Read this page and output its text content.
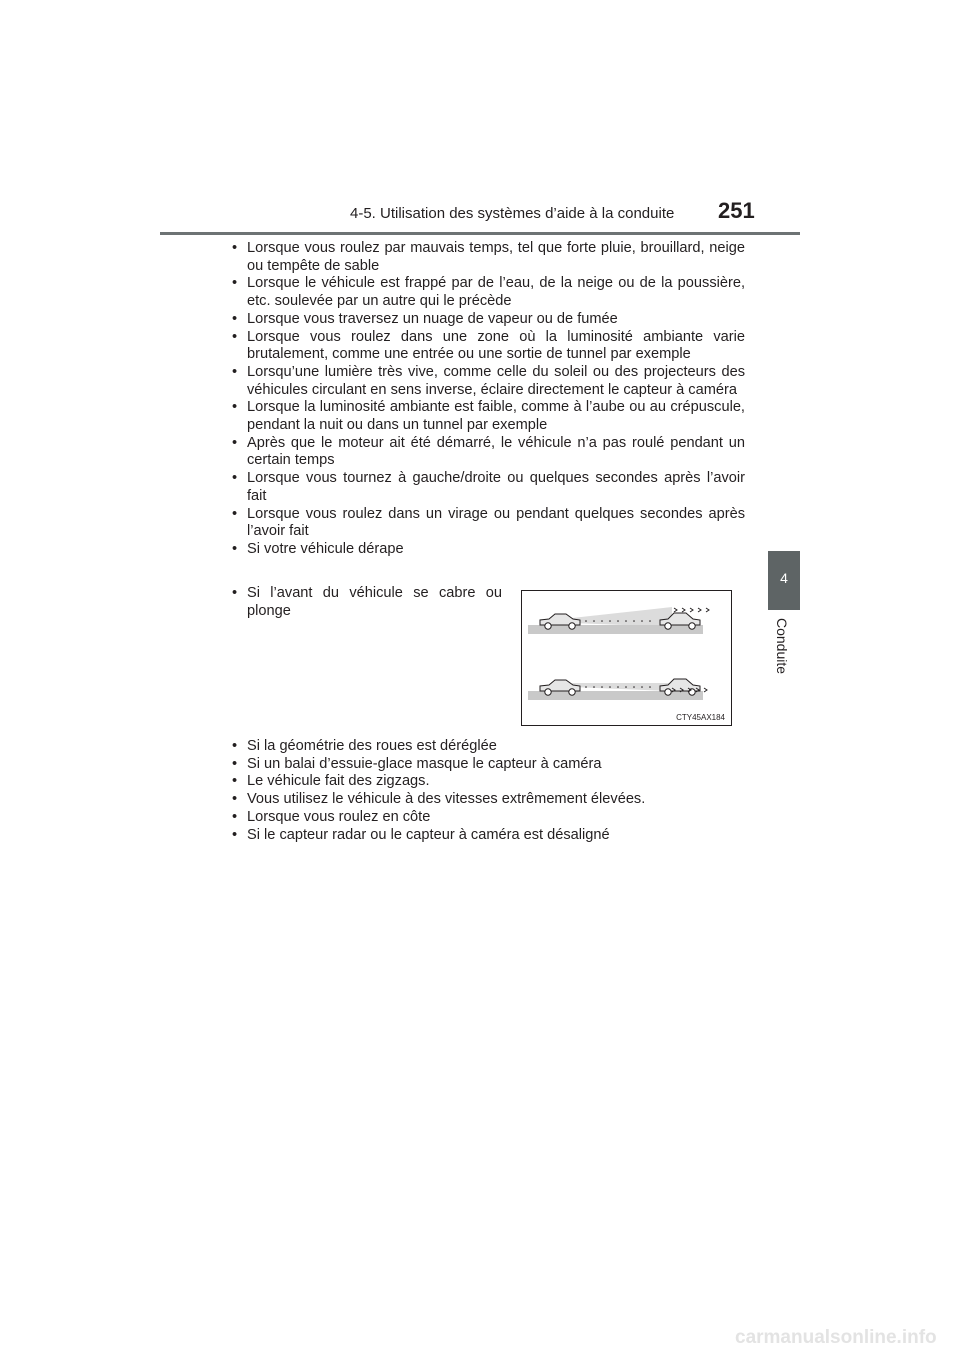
4-5. Utilisation des systèmes d’aide à la conduite 251
4
Conduite
• Lorsque vous roulez par mauvais temps, tel que forte pluie, brouillard, neige ou tempête de sable
• Lorsque le véhicule est frappé par de l’eau, de la neige ou de la poussière, etc. soulevée par un autre qui le précède
• Lorsque vous traversez un nuage de vapeur ou de fumée
• Lorsque vous roulez dans une zone où la luminosité ambiante varie brutalement, comme une entrée ou une sortie de tunnel par exemple
• Lorsqu’une lumière très vive, comme celle du soleil ou des projecteurs des véhicules circulant en sens inverse, éclaire directement le capteur à caméra
• Lorsque la luminosité ambiante est faible, comme à l’aube ou au crépuscule, pendant la nuit ou dans un tunnel par exemple
• Après que le moteur ait été démarré, le véhicule n’a pas roulé pendant un certain temps
• Lorsque vous tournez à gauche/droite ou quelques secondes après l’avoir fait
• Lorsque vous roulez dans un virage ou pendant quelques secondes après l’avoir fait
• Si votre véhicule dérape
• Si l’avant du véhicule se cabre ou plonge
CTY45AX184
• Si la géométrie des roues est déréglée
• Si un balai d’essuie-glace masque le capteur à caméra
• Le véhicule fait des zigzags.
• Vous utilisez le véhicule à des vitesses extrêmement élevées.
• Lorsque vous roulez en côte
• Si le capteur radar ou le capteur à caméra est désaligné
carmanualsonline.info
